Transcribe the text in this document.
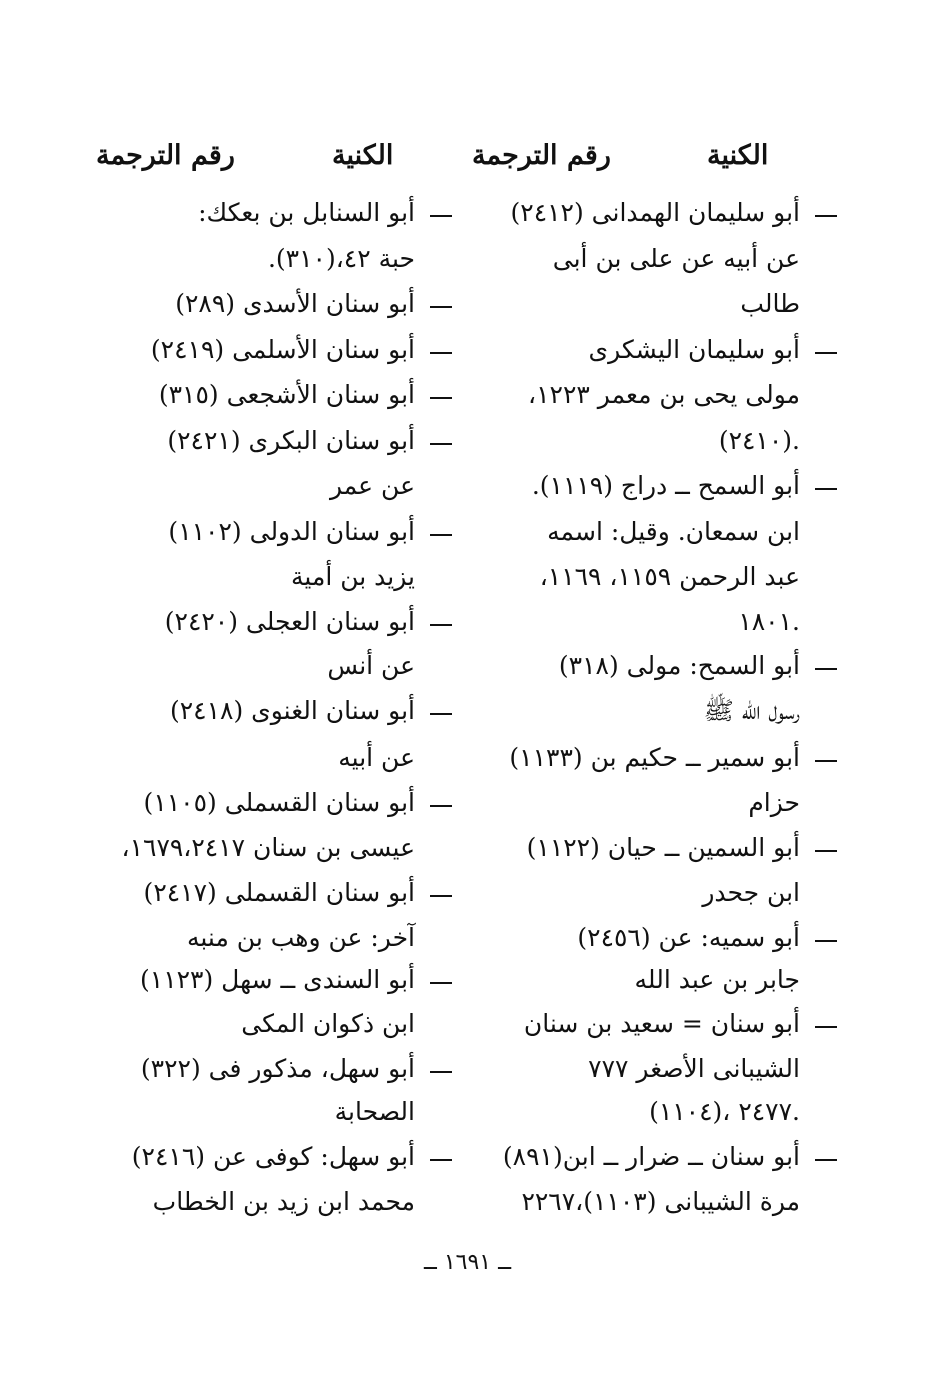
الكنية
رقم الترجمة
الكنية
رقم الترجمة
أبو سليمان الهمدانى (٢٤١٢)
عن أبيه عن على بن أبى
طالب
أبو سليمان اليشكرى
مولى يحى بن معمر ١٢٢٣،
(٢٤١٠).
أبو السمح ــ دراج (١١١٩).
ابن سمعان. وقيل: اسمه
عبد الرحمن ١١٥٩، ١١٦٩،
١٨٠١.
أبو السمح: مولى (٣١٨)
رسول الله ﷺ
أبو سمير ــ حكيم بن (١١٣٣)
حزام
أبو السمين ــ حيان (١١٢٢)
ابن جحدر
أبو سميه: عن (٢٤٥٦)
جابر بن عبد الله
أبو سنان = سعيد بن سنان
الشيبانى الأصغر ٧٧٧
(١١٠٤)، ٢٤٧٧.
أبو سنان ــ ضرار ــ ابن(٨٩١)
مرة الشيبانى (١١٠٣)،٢٢٦٧
أبو السنابل بن بعكك:
حبة ٤٢،(٣١٠).
أبو سنان الأسدى (٢٨٩)
أبو سنان الأسلمى (٢٤١٩)
أبو سنان الأشجعى (٣١٥)
أبو سنان البكرى (٢٤٢١)
عن عمر
أبو سنان الدولى (١١٠٢)
يزيد بن أمية
أبو سنان العجلى (٢٤٢٠)
عن أنس
أبو سنان الغنوى (٢٤١٨)
عن أبيه
أبو سنان القسملى (١١٠٥)
عيسى بن سنان ١٦٧٩،٢٤١٧،
أبو سنان القسملى (٢٤١٧)
آخر: عن وهب بن منبه
أبو السندى ــ سهل (١١٢٣)
ابن ذكوان المكى
أبو سهل، مذكور فى (٣٢٢)
الصحابة
أبو سهل: كوفى عن (٢٤١٦)
محمد ابن زيد بن الخطاب
ــ ١٦٩١ ــ
